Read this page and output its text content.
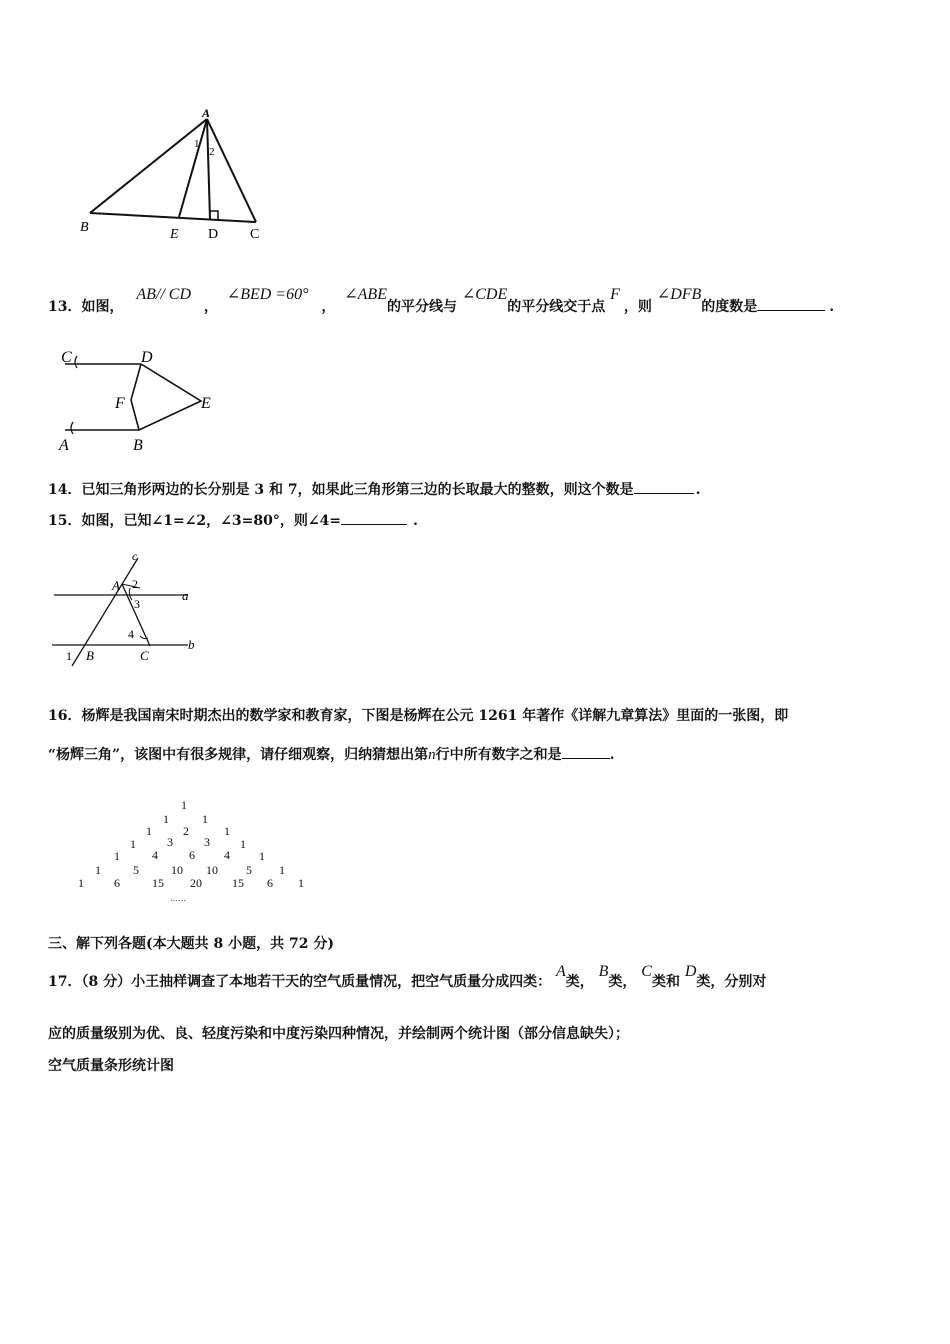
A
B	E D C
1
2
13．如图， AB// CD ， ∠BED =60° ， ∠ABE的平分线与 ∠CDE的平分线交于点 F，则 ∠DFB的度数是	.
C	D
F	E
A	B
14．已知三角形两边的长分别是 3 和 7，如果此三角形第三边的长取最大的整数，则这个数是	.
15．如图，已知∠1=∠2，∠3=80°，则∠4=	.
c
a
b
A
B	C
1
2
3
4
16．杨辉是我国南宋时期杰出的数学家和教育家，下图是杨辉在公元 1261 年著作《详解九章算法》里面的一张图，即
“杨辉三角”，该图中有很多规律，请仔细观察，归纳猜想出第n行中所有数字之和是	.
1
1	1
1	2	1
1	3	3	1
1	4	6 4 1
1	5	10 10 5 1
1	6	15 20	15 6 1
……
三、解下列各题(本大题共 8 小题，共 72 分)
17．（8 分）小王抽样调查了本地若干天的空气质量情况，把空气质量分成四类： A类， B类， C类和 D类，分别对
应的质量级别为优、良、轻度污染和中度污染四种情况，并绘制两个统计图（部分信息缺失）；
空气质量条形统计图
